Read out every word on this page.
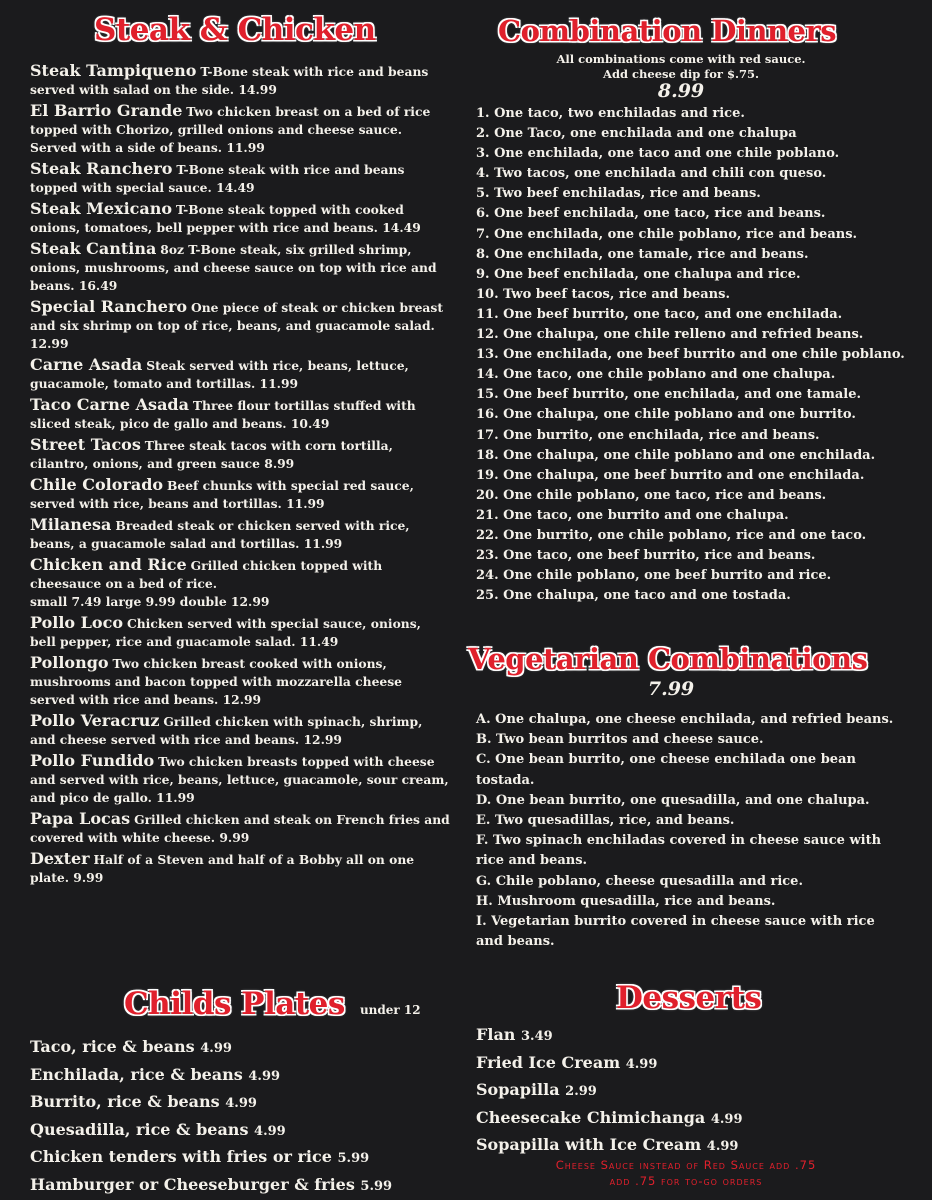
Steak & Chicken
Steak Tampiqueno T-Bone steak with rice and beans served with salad on the side. 14.99
El Barrio Grande Two chicken breast on a bed of rice topped with Chorizo, grilled onions and cheese sauce. Served with a side of beans. 11.99
Steak Ranchero T-Bone steak with rice and beans topped with special sauce. 14.49
Steak Mexicano T-Bone steak topped with cooked onions, tomatoes, bell pepper with rice and beans. 14.49
Steak Cantina 8oz T-Bone steak, six grilled shrimp, onions, mushrooms, and cheese sauce on top with rice and beans. 16.49
Special Ranchero One piece of steak or chicken breast and six shrimp on top of rice, beans, and guacamole salad. 12.99
Carne Asada Steak served with rice, beans, lettuce, guacamole, tomato and tortillas. 11.99
Taco Carne Asada Three flour tortillas stuffed with sliced steak, pico de gallo and beans. 10.49
Street Tacos Three steak tacos with corn tortilla, cilantro, onions, and green sauce 8.99
Chile Colorado Beef chunks with special red sauce, served with rice, beans and tortillas. 11.99
Milanesa Breaded steak or chicken served with rice, beans, a guacamole salad and tortillas. 11.99
Chicken and Rice Grilled chicken topped with cheesauce on a bed of rice.
small 7.49 large 9.99 double 12.99
Pollo Loco Chicken served with special sauce, onions, bell pepper, rice and guacamole salad. 11.49
Pollongo Two chicken breast cooked with onions, mushrooms and bacon topped with mozzarella cheese served with rice and beans. 12.99
Pollo Veracruz Grilled chicken with spinach, shrimp, and cheese served with rice and beans. 12.99
Pollo Fundido Two chicken breasts topped with cheese and served with rice, beans, lettuce, guacamole, sour cream, and pico de gallo. 11.99
Papa Locas Grilled chicken and steak on French fries and covered with white cheese. 9.99
Dexter Half of a Steven and half of a Bobby all on one plate. 9.99
Childs Plates under 12
Taco, rice & beans 4.99
Enchilada, rice & beans 4.99
Burrito, rice & beans 4.99
Quesadilla, rice & beans 4.99
Chicken tenders with fries or rice 5.99
Hamburger or Cheeseburger & fries 5.99
Combination Dinners
All combinations come with red sauce.
Add cheese dip for $.75.
8.99
1. One taco, two enchiladas and rice.
2. One Taco, one enchilada and one chalupa
3. One enchilada, one taco and one chile poblano.
4. Two tacos, one enchilada and chili con queso.
5. Two beef enchiladas, rice and beans.
6. One beef enchilada, one taco, rice and beans.
7. One enchilada, one chile poblano, rice and beans.
8. One enchilada, one tamale, rice and beans.
9. One beef enchilada, one chalupa and rice.
10. Two beef tacos, rice and beans.
11. One beef burrito, one taco, and one enchilada.
12. One chalupa, one chile relleno and refried beans.
13. One enchilada, one beef burrito and one chile poblano.
14. One taco, one chile poblano and one chalupa.
15. One beef burrito, one enchilada, and one tamale.
16. One chalupa, one chile poblano and one burrito.
17. One burrito, one enchilada, rice and beans.
18. One chalupa, one chile poblano and one enchilada.
19. One chalupa, one beef burrito and one enchilada.
20. One chile poblano, one taco, rice and beans.
21. One taco, one burrito and one chalupa.
22. One burrito, one chile poblano, rice and one taco.
23. One taco, one beef burrito, rice and beans.
24. One chile poblano, one beef burrito and rice.
25. One chalupa, one taco and one tostada.
Vegetarian Combinations
7.99
A. One chalupa, one cheese enchilada, and refried beans.
B. Two bean burritos and cheese sauce.
C. One bean burrito, one cheese enchilada one bean tostada.
D. One bean burrito, one quesadilla, and one chalupa.
E. Two quesadillas, rice, and beans.
F. Two spinach enchiladas covered in cheese sauce with rice and beans.
G. Chile poblano, cheese quesadilla and rice.
H. Mushroom quesadilla, rice and beans.
I. Vegetarian burrito covered in cheese sauce with rice and beans.
Desserts
Flan 3.49
Fried Ice Cream 4.99
Sopapilla 2.99
Cheesecake Chimichanga 4.99
Sopapilla with Ice Cream 4.99
Cheese Sauce instead of Red Sauce add .75
add .75 for to-go orders
